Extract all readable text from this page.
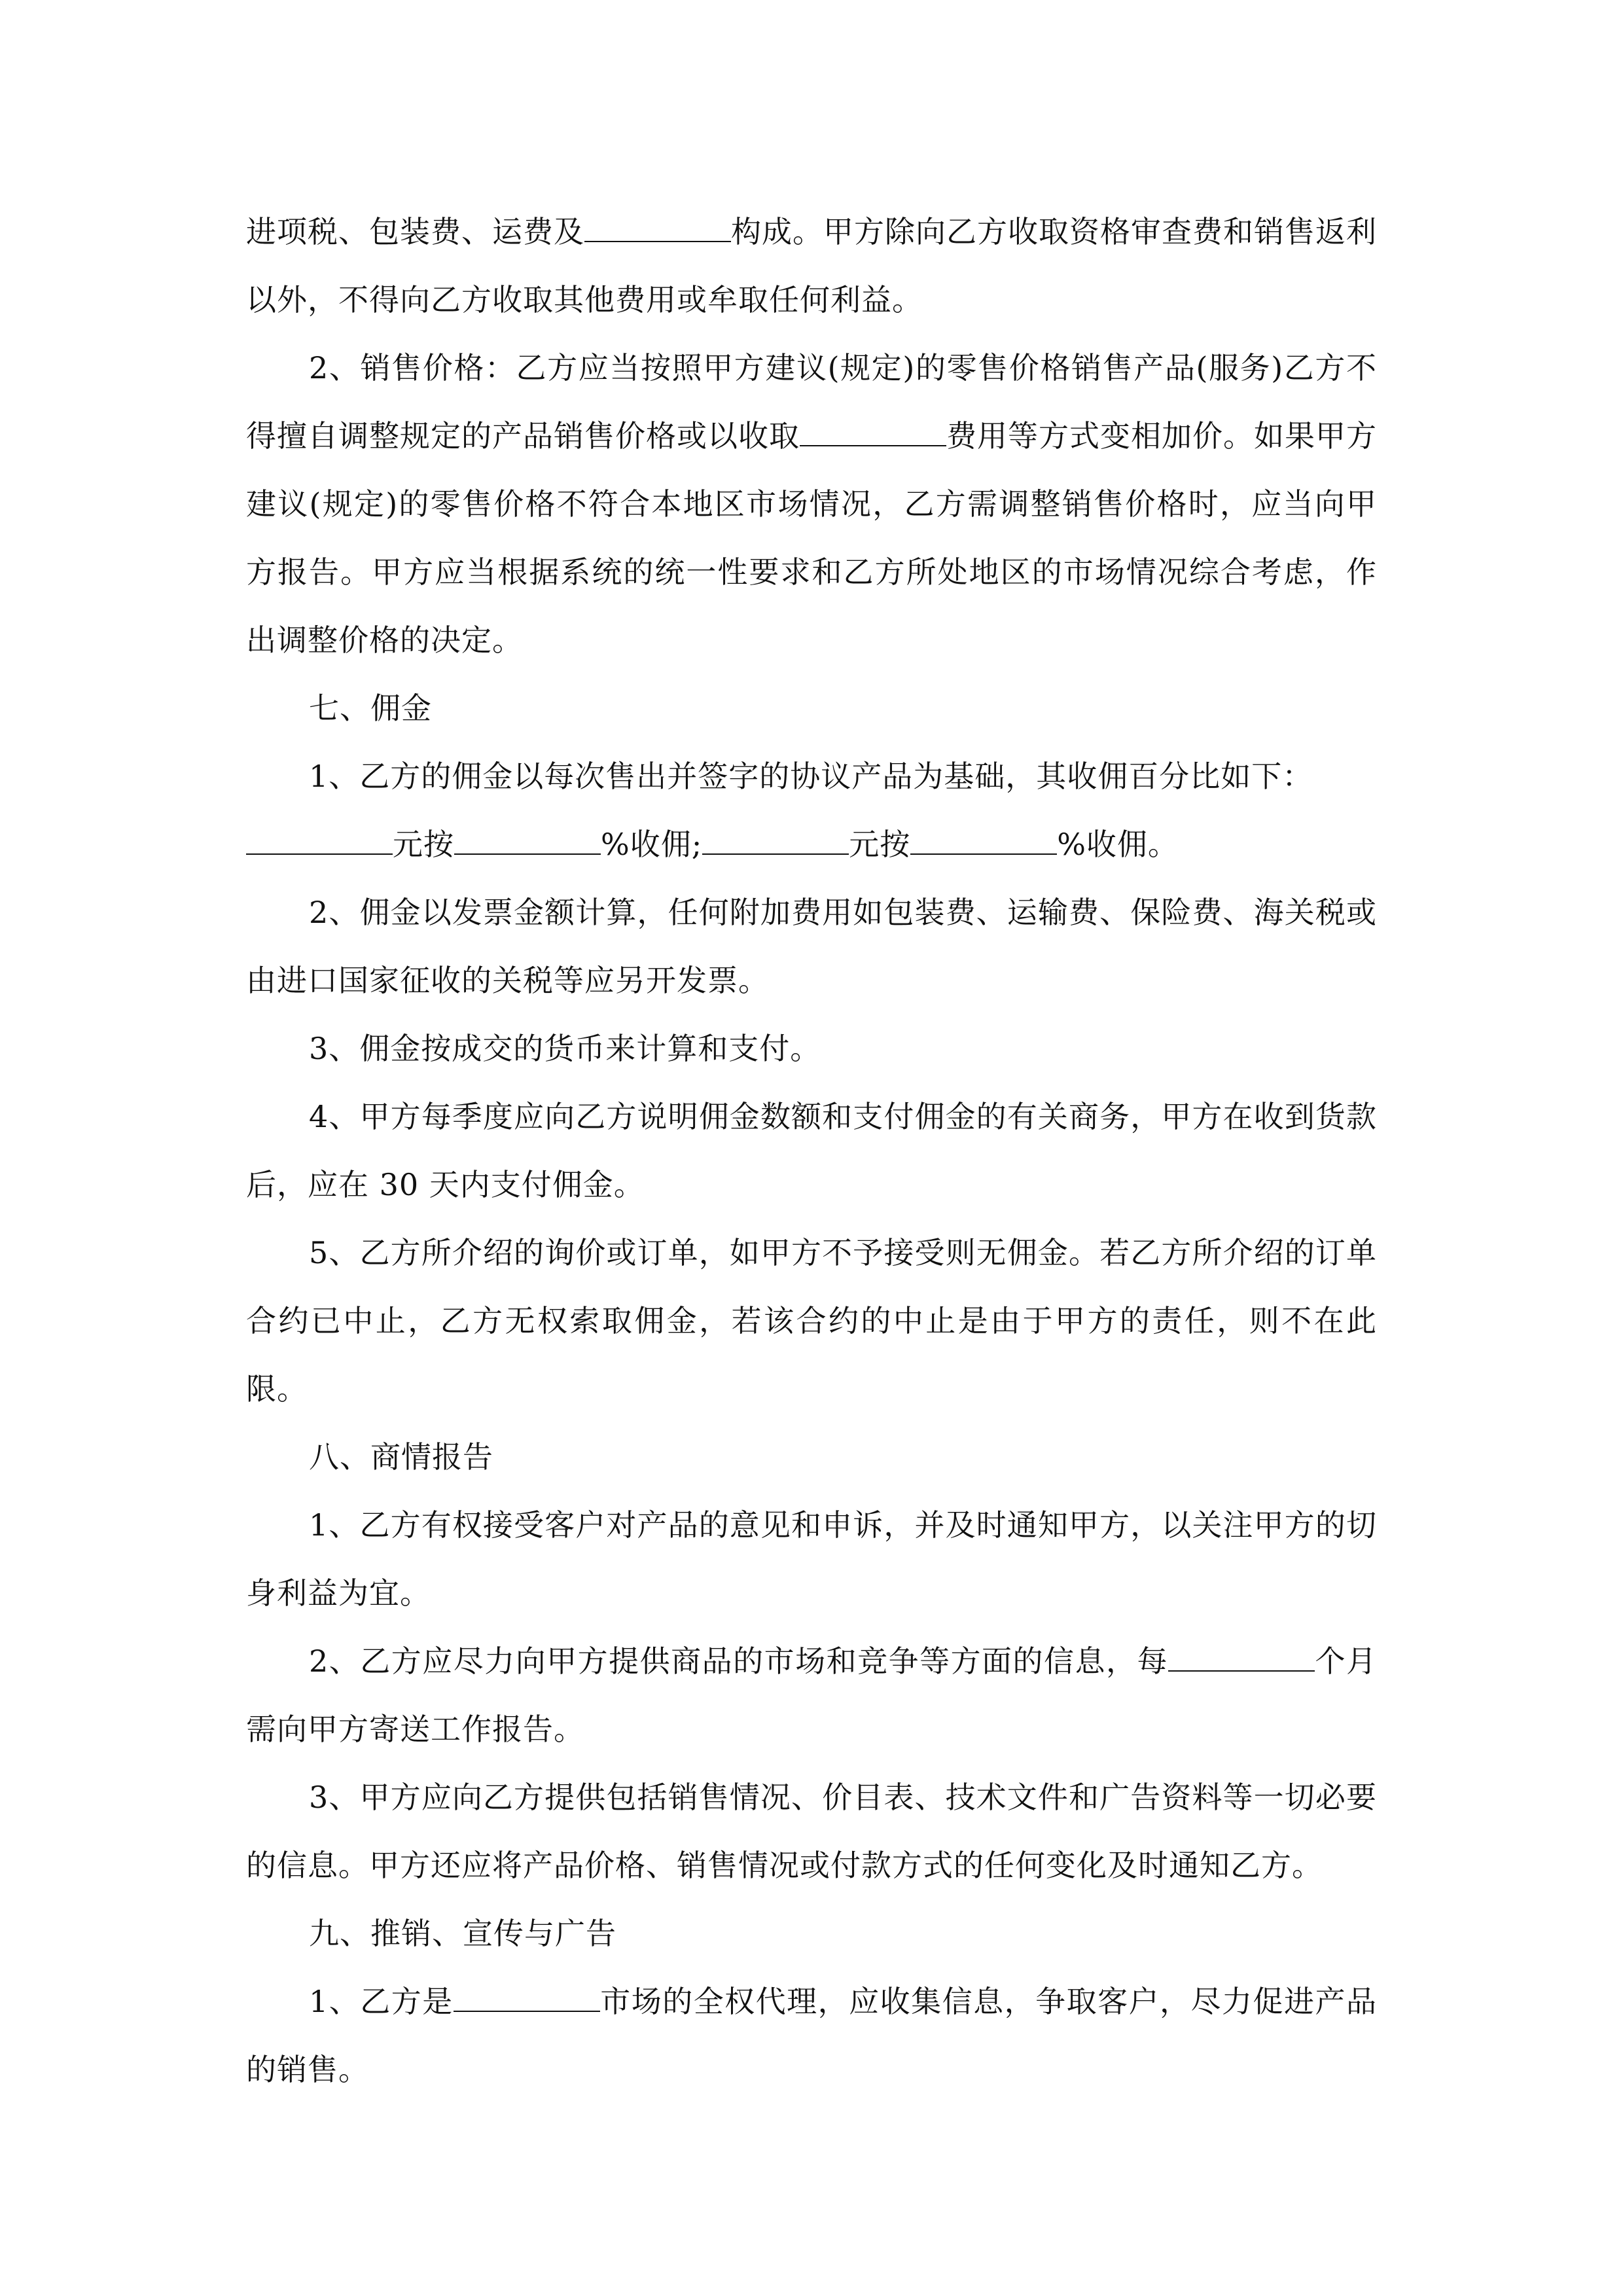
进项税、包装费、运费及	构成。甲方除向乙方收取资格审查费和销售返利以外，不得向乙方收取其他费用或牟取任何利益。

2、销售价格：乙方应当按照甲方建议(规定)的零售价格销售产品(服务)乙方不得擅自调整规定的产品销售价格或以收取	费用等方式变相加价。如果甲方建议(规定)的零售价格不符合本地区市场情况，乙方需调整销售价格时，应当向甲方报告。甲方应当根据系统的统一性要求和乙方所处地区的市场情况综合考虑，作出调整价格的决定。

七、佣金

1、乙方的佣金以每次售出并签字的协议产品为基础，其收佣百分比如下：

元按	%收佣;	元按	%收佣。

2、佣金以发票金额计算，任何附加费用如包装费、运输费、保险费、海关税或由进口国家征收的关税等应另开发票。

3、佣金按成交的货币来计算和支付。

4、甲方每季度应向乙方说明佣金数额和支付佣金的有关商务，甲方在收到货款后，应在 30 天内支付佣金。

5、乙方所介绍的询价或订单，如甲方不予接受则无佣金。若乙方所介绍的订单合约已中止，乙方无权索取佣金，若该合约的中止是由于甲方的责任，则不在此限。

八、商情报告

1、乙方有权接受客户对产品的意见和申诉，并及时通知甲方，以关注甲方的切身利益为宜。

2、乙方应尽力向甲方提供商品的市场和竞争等方面的信息，每	个月需向甲方寄送工作报告。

3、甲方应向乙方提供包括销售情况、价目表、技术文件和广告资料等一切必要的信息。甲方还应将产品价格、销售情况或付款方式的任何变化及时通知乙方。

九、推销、宣传与广告

1、乙方是	市场的全权代理，应收集信息，争取客户，尽力促进产品的销售。
